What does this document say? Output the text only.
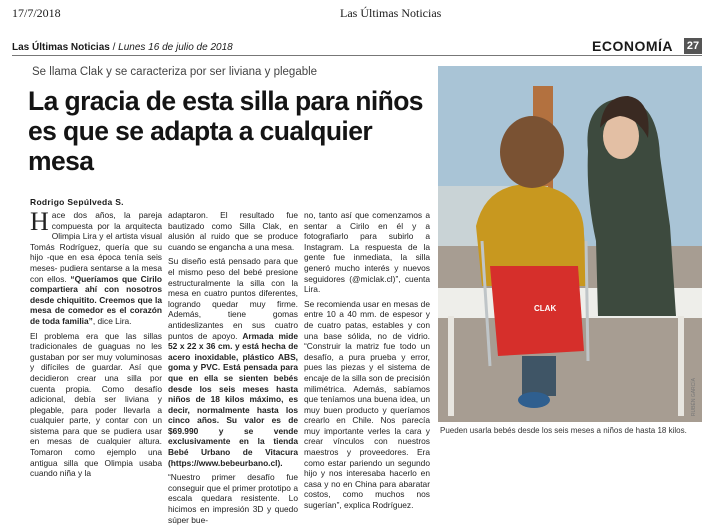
17/7/2018	Las Últimas Noticias
Las Últimas Noticias / Lunes 16 de julio de 2018	ECONOMÍA 27
Se llama Clak y se caracteriza por ser liviana y plegable
La gracia de esta silla para niños es que se adapta a cualquier mesa
Rodrigo Sepúlveda S.

Hace dos años, la pareja compuesta por la arquitecta Olimpia Lira y el artista visual Tomás Rodríguez, quería que su hijo -que en esa época tenía seis meses- pudiera sentarse a la mesa con ellos. “Queríamos que Cirilo compartiera ahí con nosotros desde chiquitito. Creemos que la mesa de comedor es el corazón de toda familia”, dice Lira.

El problema era que las sillas tradicionales de guaguas no les gustaban por ser muy voluminosas y difíciles de guardar. Así que decidieron crear una silla por cuenta propia. Como desafío adicional, debía ser liviana y plegable, para poder llevarla a cualquier parte, y contar con un sistema para que se pudiera usar en mesas de cualquier altura. Tomaron como ejemplo una antigua silla que Olimpia usaba cuando niña y la

adaptaron. El resultado fue bautizado como Silla Clak, en alusión al ruido que se produce cuando se engancha a una mesa.

Su diseño está pensado para que el mismo peso del bebé presione estructuralmente la silla con la mesa en cuatro puntos diferentes, logrando quedar muy firme. Además, tiene gomas antideslizantes en sus cuatro puntos de apoyo. Armada mide 52 x 22 x 36 cm. y está hecha de acero inoxidable, plástico ABS, goma y PVC. Está pensada para que en ella se sienten bebés desde los seis meses hasta niños de 18 kilos máximo, es decir, normalmente hasta los cinco años. Su valor es de $69.990 y se vende exclusivamente en la tienda Bebé Urbano de Vitacura (https://www.bebeurbano.cl).

“Nuestro primer desafío fue conseguir que el primer prototipo a escala quedara resistente. Lo hicimos en impresión 3D y quedo súper bue-

no, tanto así que comenzamos a sentar a Cirilo en él y a fotografiarlo para subirlo a Instagram. La respuesta de la gente fue inmediata, la silla generó mucho interés y nuevos seguidores (@miclak.cl)”, cuenta Lira.

Se recomienda usar en mesas de entre 10 a 40 mm. de espesor y de cuatro patas, estables y con una base sólida, no de vidrio. “Construir la matriz fue todo un desafío, a pura prueba y error, pues las piezas y el sistema de encaje de la silla son de precisión milimétrica. Además, sabíamos que teníamos una buena idea, un muy buen producto y queríamos crearlo en Chile. Nos parecía muy importante verles la cara y crear vínculos con nuestros maestros y proveedores. Era como estar pariendo un segundo hijo y nos interesaba hacerlo en casa y no en China para abaratar costos, como muchos nos sugerían”, explica Rodríguez.

CLAK
RUBÉN GARCÍA
Pueden usarla bebés desde los seis meses a niños de hasta 18 kilos.
